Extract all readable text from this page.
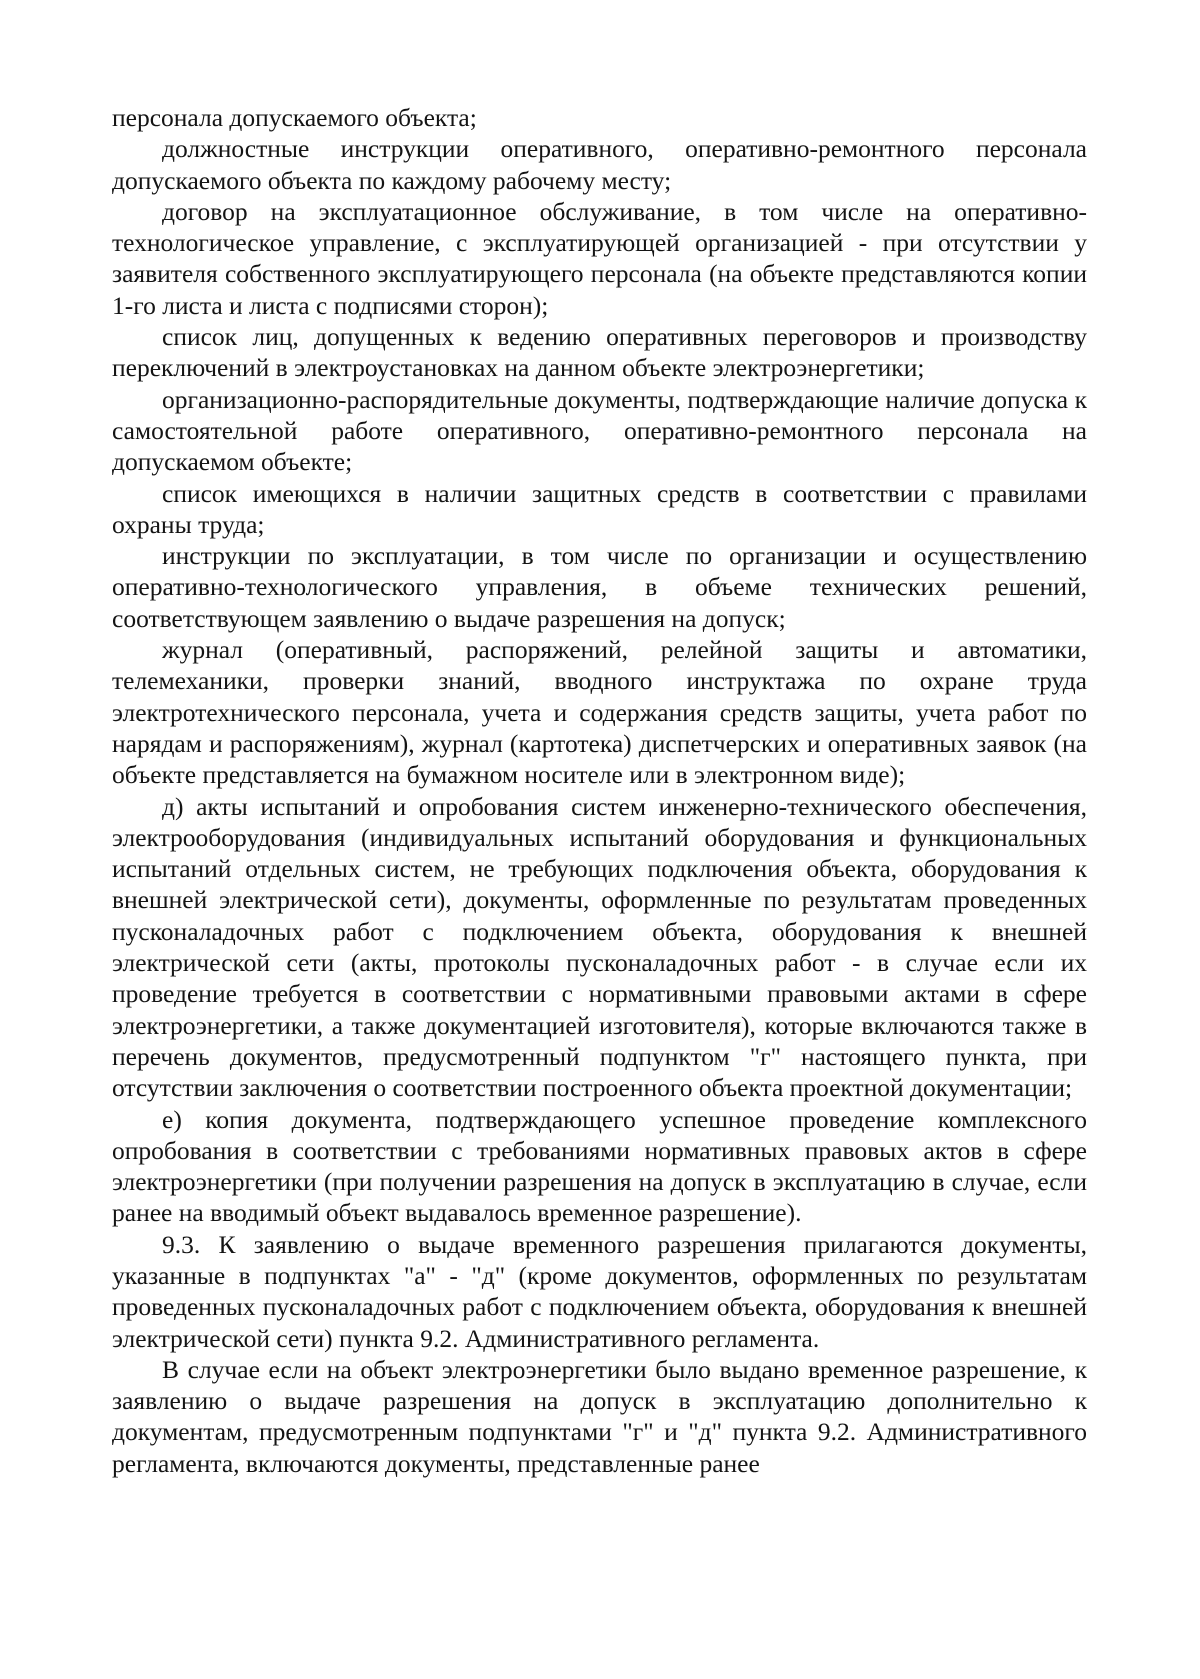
персонала допускаемого объекта;

должностные инструкции оперативного, оперативно-ремонтного персонала допускаемого объекта по каждому рабочему месту;

договор на эксплуатационное обслуживание, в том числе на оперативно-технологическое управление, с эксплуатирующей организацией - при отсутствии у заявителя собственного эксплуатирующего персонала (на объекте представляются копии 1-го листа и листа с подписями сторон);

список лиц, допущенных к ведению оперативных переговоров и производству переключений в электроустановках на данном объекте электроэнергетики;

организационно-распорядительные документы, подтверждающие наличие допуска к самостоятельной работе оперативного, оперативно-ремонтного персонала на допускаемом объекте;

список имеющихся в наличии защитных средств в соответствии с правилами охраны труда;

инструкции по эксплуатации, в том числе по организации и осуществлению оперативно-технологического управления, в объеме технических решений, соответствующем заявлению о выдаче разрешения на допуск;

журнал (оперативный, распоряжений, релейной защиты и автоматики, телемеханики, проверки знаний, вводного инструктажа по охране труда электротехнического персонала, учета и содержания средств защиты, учета работ по нарядам и распоряжениям), журнал (картотека) диспетчерских и оперативных заявок (на объекте представляется на бумажном носителе или в электронном виде);

д) акты испытаний и опробования систем инженерно-технического обеспечения, электрооборудования (индивидуальных испытаний оборудования и функциональных испытаний отдельных систем, не требующих подключения объекта, оборудования к внешней электрической сети), документы, оформленные по результатам проведенных пусконаладочных работ с подключением объекта, оборудования к внешней электрической сети (акты, протоколы пусконаладочных работ - в случае если их проведение требуется в соответствии с нормативными правовыми актами в сфере электроэнергетики, а также документацией изготовителя), которые включаются также в перечень документов, предусмотренный подпунктом "г" настоящего пункта, при отсутствии заключения о соответствии построенного объекта проектной документации;

е) копия документа, подтверждающего успешное проведение комплексного опробования в соответствии с требованиями нормативных правовых актов в сфере электроэнергетики (при получении разрешения на допуск в эксплуатацию в случае, если ранее на вводимый объект выдавалось временное разрешение).

9.3. К заявлению о выдаче временного разрешения прилагаются документы, указанные в подпунктах "а" - "д" (кроме документов, оформленных по результатам проведенных пусконаладочных работ с подключением объекта, оборудования к внешней электрической сети) пункта 9.2. Административного регламента.

В случае если на объект электроэнергетики было выдано временное разрешение, к заявлению о выдаче разрешения на допуск в эксплуатацию дополнительно к документам, предусмотренным подпунктами "г" и "д" пункта 9.2. Административного регламента, включаются документы, представленные ранее
